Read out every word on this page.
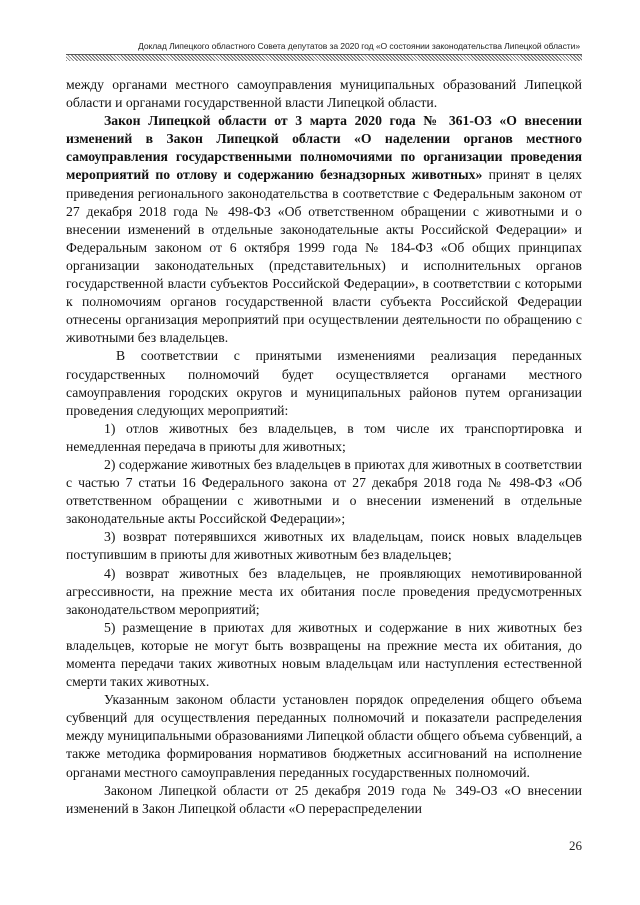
Доклад Липецкого областного Совета депутатов за 2020 год «О состоянии законодательства Липецкой области»

между органами местного самоуправления муниципальных образований Липецкой области и органами государственной власти Липецкой области.

Закон Липецкой области от 3 марта 2020 года № 361-ОЗ «О внесении изменений в Закон Липецкой области «О наделении органов местного самоуправления государственными полномочиями по организации проведения мероприятий по отлову и содержанию безнадзорных животных» принят в целях приведения регионального законодательства в соответствие с Федеральным законом от 27 декабря 2018 года № 498-ФЗ «Об ответственном обращении с животными и о внесении изменений в отдельные законодательные акты Российской Федерации» и Федеральным законом от 6 октября 1999 года № 184-ФЗ «Об общих принципах организации законодательных (представительных) и исполнительных органов государственной власти субъектов Российской Федерации», в соответствии с которыми к полномочиям органов государственной власти субъекта Российской Федерации отнесены организация мероприятий при осуществлении деятельности по обращению с животными без владельцев.

В соответствии с принятыми изменениями реализация переданных государственных полномочий будет осуществляется органами местного самоуправления городских округов и муниципальных районов путем организации проведения следующих мероприятий:

1) отлов животных без владельцев, в том числе их транспортировка и немедленная передача в приюты для животных;

2) содержание животных без владельцев в приютах для животных в соответствии с частью 7 статьи 16 Федерального закона от 27 декабря 2018 года № 498-ФЗ «Об ответственном обращении с животными и о внесении изменений в отдельные законодательные акты Российской Федерации»;

3) возврат потерявшихся животных их владельцам, поиск новых владельцев поступившим в приюты для животных животным без владельцев;

4) возврат животных без владельцев, не проявляющих немотивированной агрессивности, на прежние места их обитания после проведения предусмотренных законодательством мероприятий;

5) размещение в приютах для животных и содержание в них животных без владельцев, которые не могут быть возвращены на прежние места их обитания, до момента передачи таких животных новым владельцам или наступления естественной смерти таких животных.

Указанным законом области установлен порядок определения общего объема субвенций для осуществления переданных полномочий и показатели распределения между муниципальными образованиями Липецкой области общего объема субвенций, а также методика формирования нормативов бюджетных ассигнований на исполнение органами местного самоуправления переданных государственных полномочий.

Законом Липецкой области от 25 декабря 2019 года № 349-ОЗ «О внесении изменений в Закон Липецкой области «О перераспределении

26
